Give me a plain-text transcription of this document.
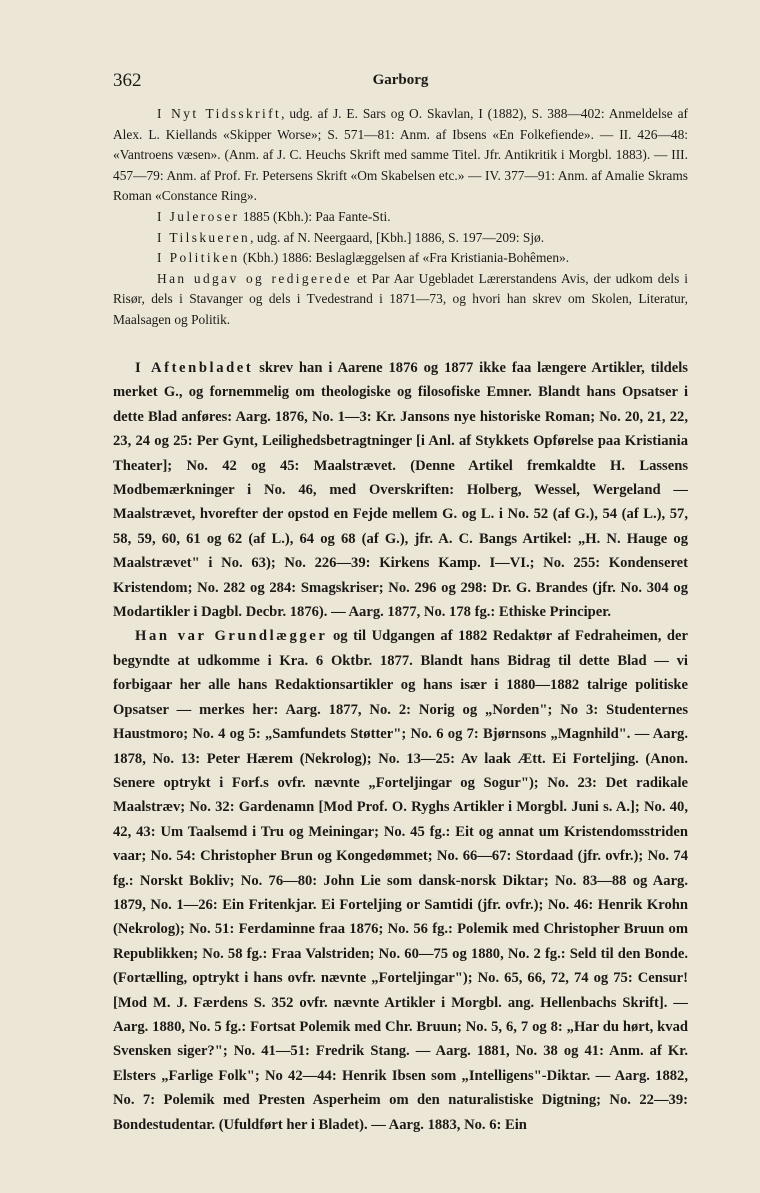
362	Garborg

I Nyt Tidsskrift, udg. af J. E. Sars og O. Skavlan, I (1882), S. 388—402: Anmeldelse af Alex. L. Kiellands «Skipper Worse»; S. 571—81: Anm. af Ibsens «En Folkefiende». — II. 426—48: «Vantroens væsen». (Anm. af J. C. Heuchs Skrift med samme Titel. Jfr. Antikritik i Morgbl. 1883). — III. 457—79: Anm. af Prof. Fr. Petersens Skrift «Om Skabelsen etc.» — IV. 377—91: Anm. af Amalie Skrams Roman «Constance Ring».

I Juleroser 1885 (Kbh.): Paa Fante-Sti.

I Tilskueren, udg. af N. Neergaard, [Kbh.] 1886, S. 197—209: Sjø.

I Politiken (Kbh.) 1886: Beslaglæggelsen af «Fra Kristiania-Bohêmen».

Han udgav og redigerede et Par Aar Ugebladet Lærerstandens Avis, der udkom dels i Risør, dels i Stavanger og dels i Tvedestrand i 1871—73, og hvori han skrev om Skolen, Literatur, Maalsagen og Politik.

I Aftenbladet skrev han i Aarene 1876 og 1877 ikke faa længere Artikler, tildels merket G., og fornemmelig om theologiske og filosofiske Emner. Blandt hans Opsatser i dette Blad anføres: Aarg. 1876, No. 1—3: Kr. Jansons nye historiske Roman; No. 20, 21, 22, 23, 24 og 25: Per Gynt, Leilighedsbetragtninger [i Anl. af Stykkets Opførelse paa Kristiania Theater]; No. 42 og 45: Maalstrævet. (Denne Artikel fremkaldte H. Lassens Modbemærkninger i No. 46, med Overskriften: Holberg, Wessel, Wergeland — Maalstrævet, hvorefter der opstod en Fejde mellem G. og L. i No. 52 (af G.), 54 (af L.), 57, 58, 59, 60, 61 og 62 (af L.), 64 og 68 (af G.), jfr. A. C. Bangs Artikel: „H. N. Hauge og Maalstrævet" i No. 63); No. 226—39: Kirkens Kamp. I—VI.; No. 255: Kondenseret Kristendom; No. 282 og 284: Smagskriser; No. 296 og 298: Dr. G. Brandes (jfr. No. 304 og Modartikler i Dagbl. Decbr. 1876). — Aarg. 1877, No. 178 fg.: Ethiske Principer.

Han var Grundlægger og til Udgangen af 1882 Redaktør af Fedraheimen, der begyndte at udkomme i Kra. 6 Oktbr. 1877. Blandt hans Bidrag til dette Blad — vi forbigaar her alle hans Redaktionsartikler og hans især i 1880—1882 talrige politiske Opsatser — merkes her: Aarg. 1877, No. 2: Norig og „Norden"; No 3: Studenternes Haustmoro; No. 4 og 5: „Samfundets Støtter"; No. 6 og 7: Bjørnsons „Magnhild". — Aarg. 1878, No. 13: Peter Hærem (Nekrolog); No. 13—25: Av laak Ætt. Ei Forteljing. (Anon. Senere optrykt i Forf.s ovfr. nævnte „Forteljingar og Sogur"); No. 23: Det radikale Maalstræv; No. 32: Gardenamn [Mod Prof. O. Ryghs Artikler i Morgbl. Juni s. A.]; No. 40, 42, 43: Um Taalsemd i Tru og Meiningar; No. 45 fg.: Eit og annat um Kristendomsstriden vaar; No. 54: Christopher Brun og Kongedømmet; No. 66—67: Stordaad (jfr. ovfr.); No. 74 fg.: Norskt Bokliv; No. 76—80: John Lie som dansk-norsk Diktar; No. 83—88 og Aarg. 1879, No. 1—26: Ein Fritenkjar. Ei Forteljing or Samtidi (jfr. ovfr.); No. 46: Henrik Krohn (Nekrolog); No. 51: Ferdaminne fraa 1876; No. 56 fg.: Polemik med Christopher Bruun om Republikken; No. 58 fg.: Fraa Valstriden; No. 60—75 og 1880, No. 2 fg.: Seld til den Bonde. (Fortælling, optrykt i hans ovfr. nævnte „Forteljingar"); No. 65, 66, 72, 74 og 75: Censur! [Mod M. J. Færdens S. 352 ovfr. nævnte Artikler i Morgbl. ang. Hellenbachs Skrift]. — Aarg. 1880, No. 5 fg.: Fortsat Polemik med Chr. Bruun; No. 5, 6, 7 og 8: „Har du hørt, kvad Svensken siger?"; No. 41—51: Fredrik Stang. — Aarg. 1881, No. 38 og 41: Anm. af Kr. Elsters „Farlige Folk"; No 42—44: Henrik Ibsen som „Intelligens"-Diktar. — Aarg. 1882, No. 7: Polemik med Presten Asperheim om den naturalistiske Digtning; No. 22—39: Bondestudentar. (Ufuldført her i Bladet). — Aarg. 1883, No. 6: Ein
